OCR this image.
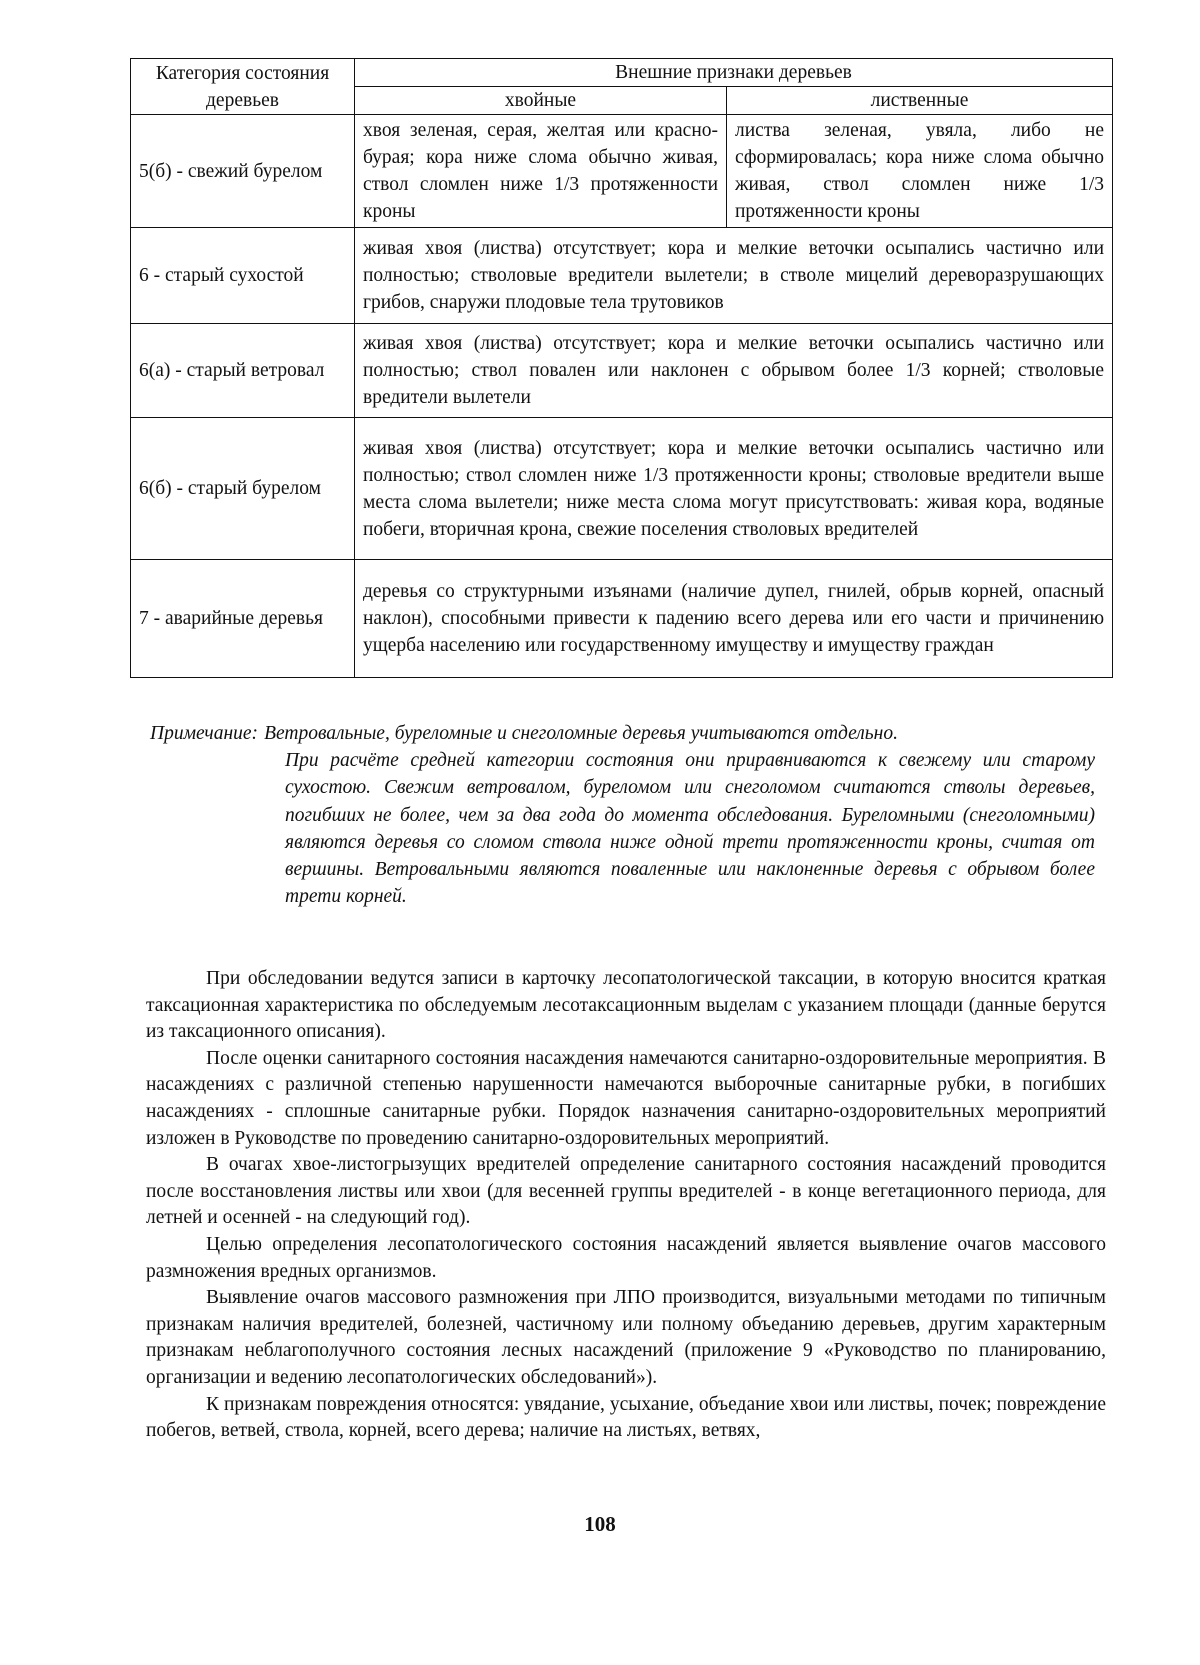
Категория состояния деревьев	Внешние признаки деревьев	
	хвойные	лиственные
5(б) - свежий бурелом	хвоя зеленая, серая, желтая или красно-бурая; кора ниже слома обычно живая, ствол сломлен ниже 1/3 протяженности кроны	листва зеленая, увяла, либо не сформировалась; кора ниже слома обычно живая, ствол сломлен ниже 1/3 протяженности кроны
6 - старый сухостой	живая хвоя (листва) отсутствует; кора и мелкие веточки осыпались частично или полностью; стволовые вредители вылетели; в стволе мицелий дереворазрушающих грибов, снаружи плодовые тела трутовиков	
6(а) - старый ветровал	живая хвоя (листва) отсутствует; кора и мелкие веточки осыпались частично или полностью; ствол повален или наклонен с обрывом более 1/3 корней; стволовые вредители вылетели	
6(б) - старый бурелом	живая хвоя (листва) отсутствует; кора и мелкие веточки осыпались частично или полностью; ствол сломлен ниже 1/3 протяженности кроны; стволовые вредители выше места слома вылетели; ниже места слома могут присутствовать: живая кора, водяные побеги, вторичная крона, свежие поселения стволовых вредителей	
7 - аварийные деревья	деревья со структурными изъянами (наличие дупел, гнилей, обрыв корней, опасный наклон), способными привести к падению всего дерева или его части и причинению ущерба населению или государственному имуществу и имуществу граждан	
Примечание: Ветровальные, буреломные и снеголомные деревья учитываются отдельно.
При расчёте средней категории состояния они приравниваются к свежему или старому сухостою. Свежим ветровалом, буреломом или снеголомом считаются стволы деревьев, погибших не более, чем за два года до момента обследования. Буреломными (снеголомными) являются деревья со сломом ствола ниже одной трети протяженности кроны, считая от вершины. Ветровальными являются поваленные или наклоненные деревья с обрывом более трети корней.

При обследовании ведутся записи в карточку лесопатологической таксации, в которую вносится краткая таксационная характеристика по обследуемым лесотаксационным выделам с указанием площади (данные берутся из таксационного описания).

После оценки санитарного состояния насаждения намечаются санитарно-оздоровительные мероприятия. В насаждениях с различной степенью нарушенности намечаются выборочные санитарные рубки, в погибших насаждениях - сплошные санитарные рубки. Порядок назначения санитарно-оздоровительных мероприятий изложен в Руководстве по проведению санитарно-оздоровительных мероприятий.

В очагах хвое-листогрызущих вредителей определение санитарного состояния насаждений проводится после восстановления листвы или хвои (для весенней группы вредителей - в конце вегетационного периода, для летней и осенней - на следующий год).

Целью определения лесопатологического состояния насаждений является выявление очагов массового размножения вредных организмов.

Выявление очагов массового размножения при ЛПО производится, визуальными методами по типичным признакам наличия вредителей, болезней, частичному или полному объеданию деревьев, другим характерным признакам неблагополучного состояния лесных насаждений (приложение 9 «Руководство по планированию, организации и ведению лесопатологических обследований»).

К признакам повреждения относятся: увядание, усыхание, объедание хвои или листвы, почек; повреждение побегов, ветвей, ствола, корней, всего дерева; наличие на листьях, ветвях,

108
